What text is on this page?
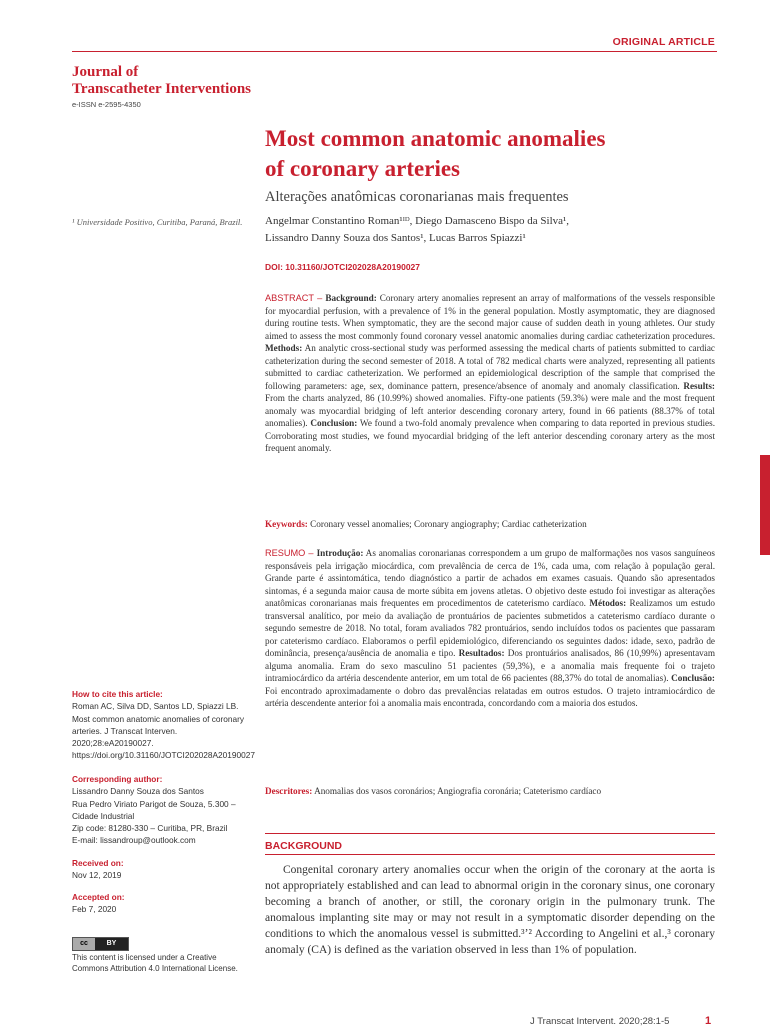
ORIGINAL ARTICLE
Journal of
Transcatheter Interventions
e-ISSN e-2595-4350
Most common anatomic anomalies
of coronary arteries
Alterações anatômicas coronarianas mais frequentes
Angelmar Constantino Roman¹ᴵᴰ, Diego Damasceno Bispo da Silva¹,
Lissandro Danny Souza dos Santos¹, Lucas Barros Spiazzi¹
¹ Universidade Positivo, Curitiba, Paraná, Brazil.
DOI: 10.31160/JOTCI202028A20190027
ABSTRACT – Background: Coronary artery anomalies represent an array of malformations of the vessels responsible for myocardial perfusion, with a prevalence of 1% in the general population. Mostly asymptomatic, they are diagnosed during routine tests. When symptomatic, they are the second major cause of sudden death in young athletes. Our study aimed to assess the most commonly found coronary vessel anatomic anomalies during cardiac catheterization procedures. Methods: An analytic cross-sectional study was performed assessing the medical charts of patients submitted to cardiac catheterization during the second semester of 2018. A total of 782 medical charts were analyzed, representing all patients submitted to cardiac catheterization. We performed an epidemiological description of the sample that comprised the following parameters: age, sex, dominance pattern, presence/absence of anomaly and anomaly classification. Results: From the charts analyzed, 86 (10.99%) showed anomalies. Fifty-one patients (59.3%) were male and the most frequent anomaly was myocardial bridging of left anterior descending coronary artery, found in 66 patients (88.37% of total anomalies). Conclusion: We found a two-fold anomaly prevalence when comparing to data reported in previous studies. Corroborating most studies, we found myocardial bridging of the left anterior descending coronary artery as the most frequent anomaly.
Keywords: Coronary vessel anomalies; Coronary angiography; Cardiac catheterization
RESUMO – Introdução: As anomalias coronarianas correspondem a um grupo de malformações nos vasos sanguíneos responsáveis pela irrigação miocárdica, com prevalência de cerca de 1%, cada uma, com relação à população geral. Grande parte é assintomática, tendo diagnóstico a partir de achados em exames casuais. Quando são apresentados sintomas, é a segunda maior causa de morte súbita em jovens atletas. O objetivo deste estudo foi investigar as alterações anatômicas coronarianas mais frequentes em procedimentos de cateterismo cardíaco. Métodos: Realizamos um estudo transversal analítico, por meio da avaliação de prontuários de pacientes submetidos a cateterismo cardíaco durante o segundo semestre de 2018. No total, foram avaliados 782 prontuários, sendo incluídos todos os pacientes que passaram por cateterismo cardíaco. Elaboramos o perfil epidemiológico, diferenciando os seguintes dados: idade, sexo, padrão de dominância, presença/ausência de anomalia e tipo. Resultados: Dos prontuários analisados, 86 (10,99%) apresentavam alguma anomalia. Eram do sexo masculino 51 pacientes (59,3%), e a anomalia mais frequente foi o trajeto intramiocárdico da artéria descendente anterior, em um total de 66 pacientes (88,37% do total de anomalias). Conclusão: Foi encontrado aproximadamente o dobro das prevalências relatadas em outros estudos. O trajeto intramiocárdico de artéria descendente anterior foi a anomalia mais encontrada, concordando com a maioria dos estudos.
Descritores: Anomalias dos vasos coronários; Angiografia coronária; Cateterismo cardíaco
BACKGROUND
Congenital coronary artery anomalies occur when the origin of the coronary at the aorta is not appropriately established and can lead to abnormal origin in the coronary sinus, one coronary becoming a branch of another, or still, the coronary origin in the pulmonary trunk. The anomalous implanting site may or may not result in a symptomatic disorder depending on the conditions to which the anomalous vessel is submitted.³ʼ² According to Angelini et al.,³ coronary anomaly (CA) is defined as the variation observed in less than 1% of population.
How to cite this article:
Roman AC, Silva DD, Santos LD, Spiazzi LB. Most common anatomic anomalies of coronary arteries. J Transcat Interven. 2020;28:eA20190027. https://doi.org/10.31160/JOTCI202028A20190027
Corresponding author:
Lissandro Danny Souza dos Santos
Rua Pedro Viriato Parigot de Souza, 5.300 – Cidade Industrial
Zip code: 81280-330 – Curitiba, PR, Brazil
E-mail: lissandroup@outlook.com
Received on:
Nov 12, 2019
Accepted on:
Feb 7, 2020
cc	BY
This content is licensed under a Creative Commons Attribution 4.0 International License.
J Transcat Intervent. 2020;28:1-5	1
